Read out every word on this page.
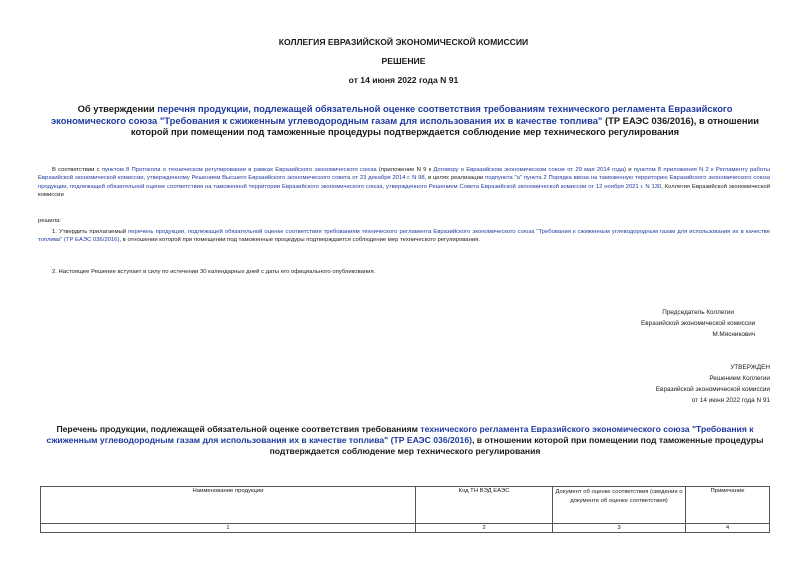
КОЛЛЕГИЯ ЕВРАЗИЙСКОЙ ЭКОНОМИЧЕСКОЙ КОМИССИИ
РЕШЕНИЕ
от 14 июня 2022 года N 91
Об утверждении перечня продукции, подлежащей обязательной оценке соответствия требованиям технического регламента Евразийского экономического союза "Требования к сжиженным углеводородным газам для использования их в качестве топлива" (ТР ЕАЭС 036/2016), в отношении которой при помещении под таможенные процедуры подтверждается соблюдение мер технического регулирования
В соответствии с пунктом 8 Протокола о техническом регулировании в рамках Евразийского экономического союза (приложение N 9 к Договору о Евразийском экономическом союзе от 29 мая 2014 года) и пунктом 8 приложения N 2 к Регламенту работы Евразийской экономической комиссии, утвержденному Решением Высшего Евразийского экономического совета от 23 декабря 2014 г. N 98, в целях реализации подпункта "а" пункта 2 Порядка ввоза на таможенную территорию Евразийского экономического союза продукции, подлежащей обязательной оценке соответствия на таможенной территории Евразийского экономического союза, утвержденного Решением Совета Евразийской экономической комиссии от 12 ноября 2021 г. N 130, Коллегия Евразийской экономической комиссии
решила:
1. Утвердить прилагаемый перечень продукции, подлежащей обязательной оценке соответствия требованиям технического регламента Евразийского экономического союза "Требования к сжиженным углеводородным газам для использования их в качестве топлива" (ТР ЕАЭС 036/2016), в отношении которой при помещении под таможенные процедуры подтверждается соблюдение мер технического регулирования.
2. Настоящее Решение вступает в силу по истечении 30 календарных дней с даты его официального опубликования.
Председатель Коллегии
Евразийской экономической комиссии
М.Мясникович
УТВЕРЖДЕН
Решением Коллегии
Евразийской экономической комиссии
от 14 июня 2022 года N 91
Перечень продукции, подлежащей обязательной оценке соответствия требованиям технического регламента Евразийского экономического союза "Требования к сжиженным углеводородным газам для использования их в качестве топлива" (ТР ЕАЭС 036/2016), в отношении которой при помещении под таможенные процедуры подтверждается соблюдение мер технического регулирования
Наименование продукции	Код ТН ВЭД ЕАЭС	Документ об оценке соответствия (сведения о документе об оценке соответствия)	Примечание
1	2	3	4
